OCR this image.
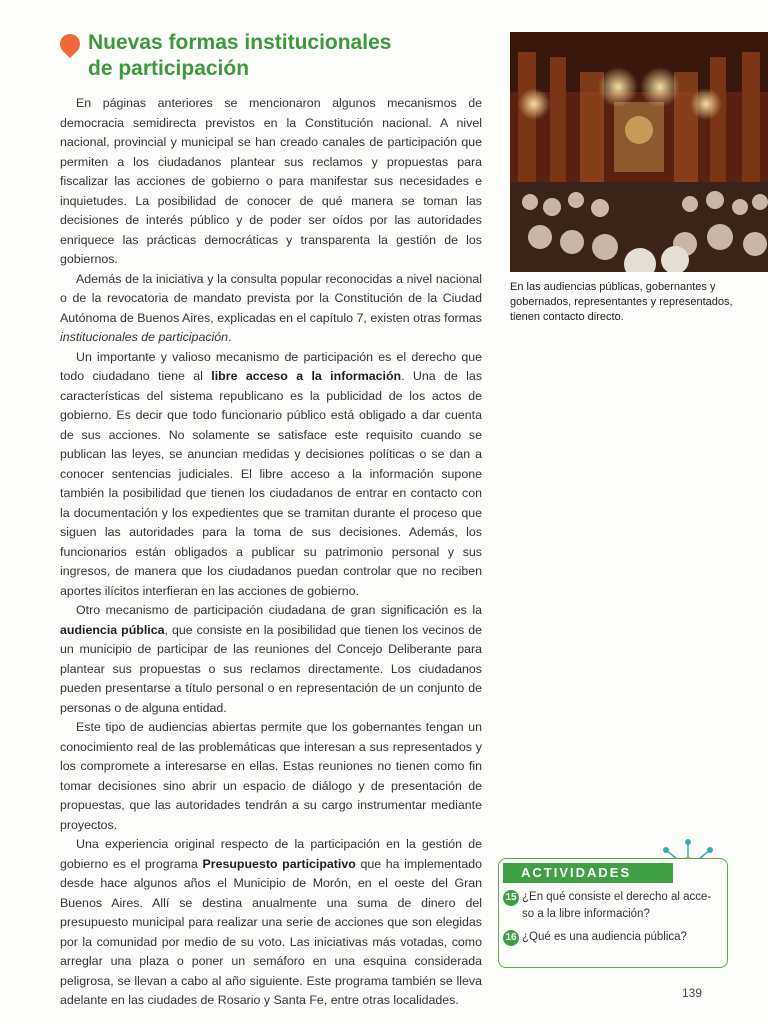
Nuevas formas institucionales
de participación

En páginas anteriores se mencionaron algunos mecanismos de democracia semidirecta previstos en la Constitución nacional. A nivel nacional, provincial y municipal se han creado canales de participación que permiten a los ciudadanos plantear sus reclamos y propuestas para fiscalizar las acciones de gobierno o para manifestar sus necesidades e inquietudes. La posibilidad de conocer de qué manera se toman las decisiones de interés público y de poder ser oídos por las autoridades enriquece las prácticas democráticas y transparenta la gestión de los gobiernos.

Además de la iniciativa y la consulta popular reconocidas a nivel nacional o de la revocatoria de mandato prevista por la Constitución de la Ciudad Autónoma de Buenos Aires, explicadas en el capítulo 7, existen otras formas institucionales de participación.

Un importante y valioso mecanismo de participación es el derecho que todo ciudadano tiene al libre acceso a la información. Una de las características del sistema republicano es la publicidad de los actos de gobierno. Es decir que todo funcionario público está obligado a dar cuenta de sus acciones. No solamente se satisface este requisito cuando se publican las leyes, se anuncian medidas y decisiones políticas o se dan a conocer sentencias judiciales. El libre acceso a la información supone también la posibilidad que tienen los ciudadanos de entrar en contacto con la documentación y los expedientes que se tramitan durante el proceso que siguen las autoridades para la toma de sus decisiones. Además, los funcionarios están obligados a publicar su patrimonio personal y sus ingresos, de manera que los ciudadanos puedan controlar que no reciben aportes ilícitos interfieran en las acciones de gobierno.

Otro mecanismo de participación ciudadana de gran significación es la audiencia pública, que consiste en la posibilidad que tienen los vecinos de un municipio de participar de las reuniones del Concejo Deliberante para plantear sus propuestas o sus reclamos directamente. Los ciudadanos pueden presentarse a título personal o en representación de un conjunto de personas o de alguna entidad.

Este tipo de audiencias abiertas permite que los gobernantes tengan un conocimiento real de las problemáticas que interesan a sus representados y los compromete a interesarse en ellas. Estas reuniones no tienen como fin tomar decisiones sino abrir un espacio de diálogo y de presentación de propuestas, que las autoridades tendrán a su cargo instrumentar mediante proyectos.

Una experiencia original respecto de la participación en la gestión de gobierno es el programa Presupuesto participativo que ha implementado desde hace algunos años el Municipio de Morón, en el oeste del Gran Buenos Aires. Allí se destina anualmente una suma de dinero del presupuesto municipal para realizar una serie de acciones que son elegidas por la comunidad por medio de su voto. Las iniciativas más votadas, como arreglar una plaza o poner un semáforo en una esquina considerada peligrosa, se llevan a cabo al año siguiente. Este programa también se lleva adelante en las ciudades de Rosario y Santa Fe, entre otras localidades.

En las audiencias públicas, gobernantes y gobernados, representantes y representados, tienen contacto directo.
ACTIVIDADES
15 ¿En qué consiste el derecho al acce-
so a la libre información?
16 ¿Qué es una audiencia pública?
139
